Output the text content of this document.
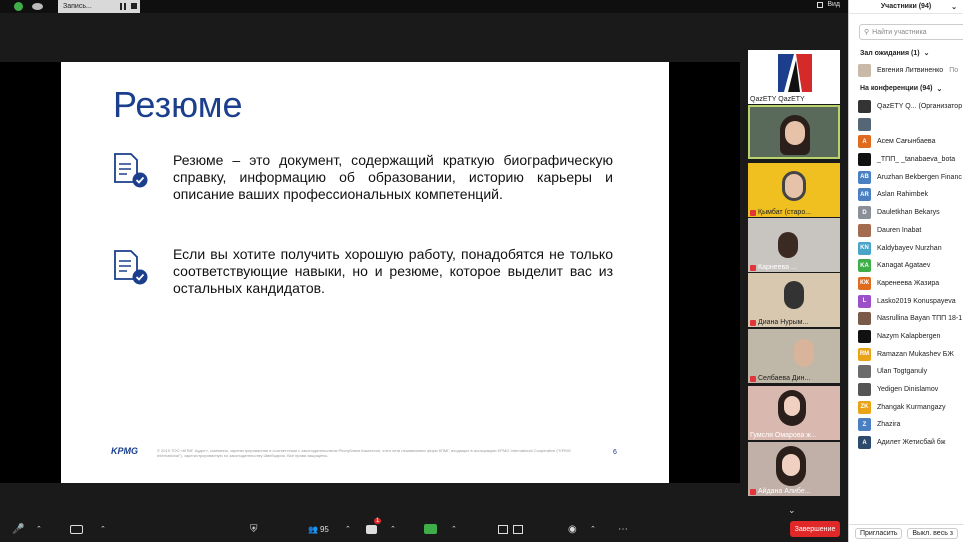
Запись...	Вид
Резюме
Резюме – это документ, содержащий краткую биографическую справку, информацию об образовании, историю карьеры и описание ваших профессиональных компетенций.
Если вы хотите получить хорошую работу, понадобятся не только соответствующие навыки, но и резюме, которое выделит вас из остальных кандидатов.
KPMG	© 2019 ТОО «КПМГ Аудит», компания, зарегистрированная в соответствии с законодательством Республики Казахстан, член сети независимых фирм КПМГ, входящих в ассоциацию KPMG International Cooperative ("KPMG International"), зарегистрированную по законодательству Швейцарии. Все права защищены.	6
QazETY QazETY
Қымбат (старо...
Карнеева ...
Диана Нурым...
Селбаева Дин...
Гумсля Омарова ж...
Айдана Алибе...
⌄
🎤 ⌃	⌃	⛨	👥 95 ⌃
1
⌃	⌃	◉ ⌃ ⋯	Завершение
Участники (94)	⌄
⚲ Найти участника
Зал ожидания (1) ⌄
Евгения Литвиненко По
На конференции (94) ⌄
QazETY Q... (Организатор
А	Асем Сағынбаева
_ТПП_ _tanabaeva_bota
AB	Aruzhan Bekbergen Financ
AR	Aslan Rahimbek
D	Dauletkhan Bekarys
Dauren Inabat
KN	Kaldybayev Nurzhan
KA	Kanagat Agataev
КЖ Каренеева Жазира
L	Lasko2019 Konuspayeva
Nasrullina Bayan ТПП 18-1
Nazym Kalapbergen
RM Ramazan Mukashev БЖ
Ulan Togtganuly
Yedigen Dinislamov
ZK	Zhangak Kurmangazy
Z	Zhazira
А	Адилет Жетисбай бж
Пригласить	Выкл. весь з
